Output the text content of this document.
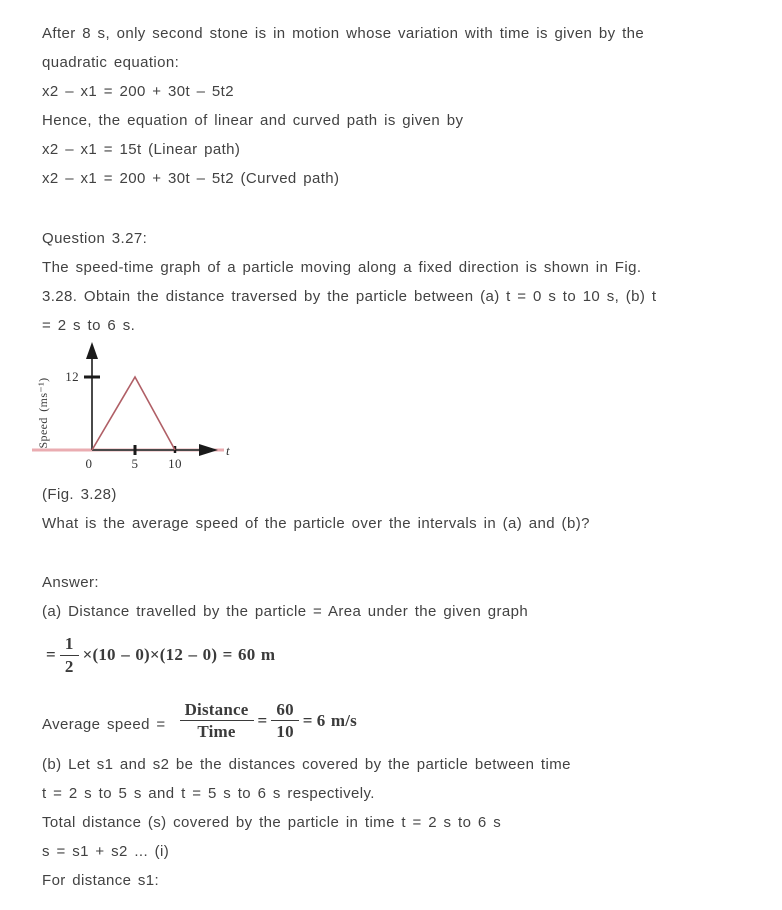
After 8 s, only second stone is in motion whose variation with time is given by the
quadratic equation:
x2 – x1 = 200 + 30t – 5t2
Hence, the equation of linear and curved path is given by
x2 – x1 = 15t (Linear path)
x2 – x1 = 200 + 30t – 5t2 (Curved path)
Question 3.27:
The speed-time graph of a particle moving along a fixed direction is shown in Fig.
3.28. Obtain the distance traversed by the particle between (a) t = 0 s to 10 s, (b) t
= 2 s to 6 s.
12
0	5 10
t
Speed (ms⁻¹)
(Fig. 3.28)
What is the average speed of the particle over the intervals in (a) and (b)?
Answer:
(a) Distance travelled by the particle = Area under the given graph
= $\frac{1}{2} \times(10 - 0)\times(12 - 0) = 60$ m
Average speed = $\frac{\text{Distance}}{\text{Time}} = \frac{60}{10} = 6$ m/s
(b) Let s1 and s2 be the distances covered by the particle between time
t = 2 s to 5 s and t = 5 s to 6 s respectively.
Total distance (s) covered by the particle in time t = 2 s to 6 s
s = s1 + s2 ... (i)
For distance s1:
